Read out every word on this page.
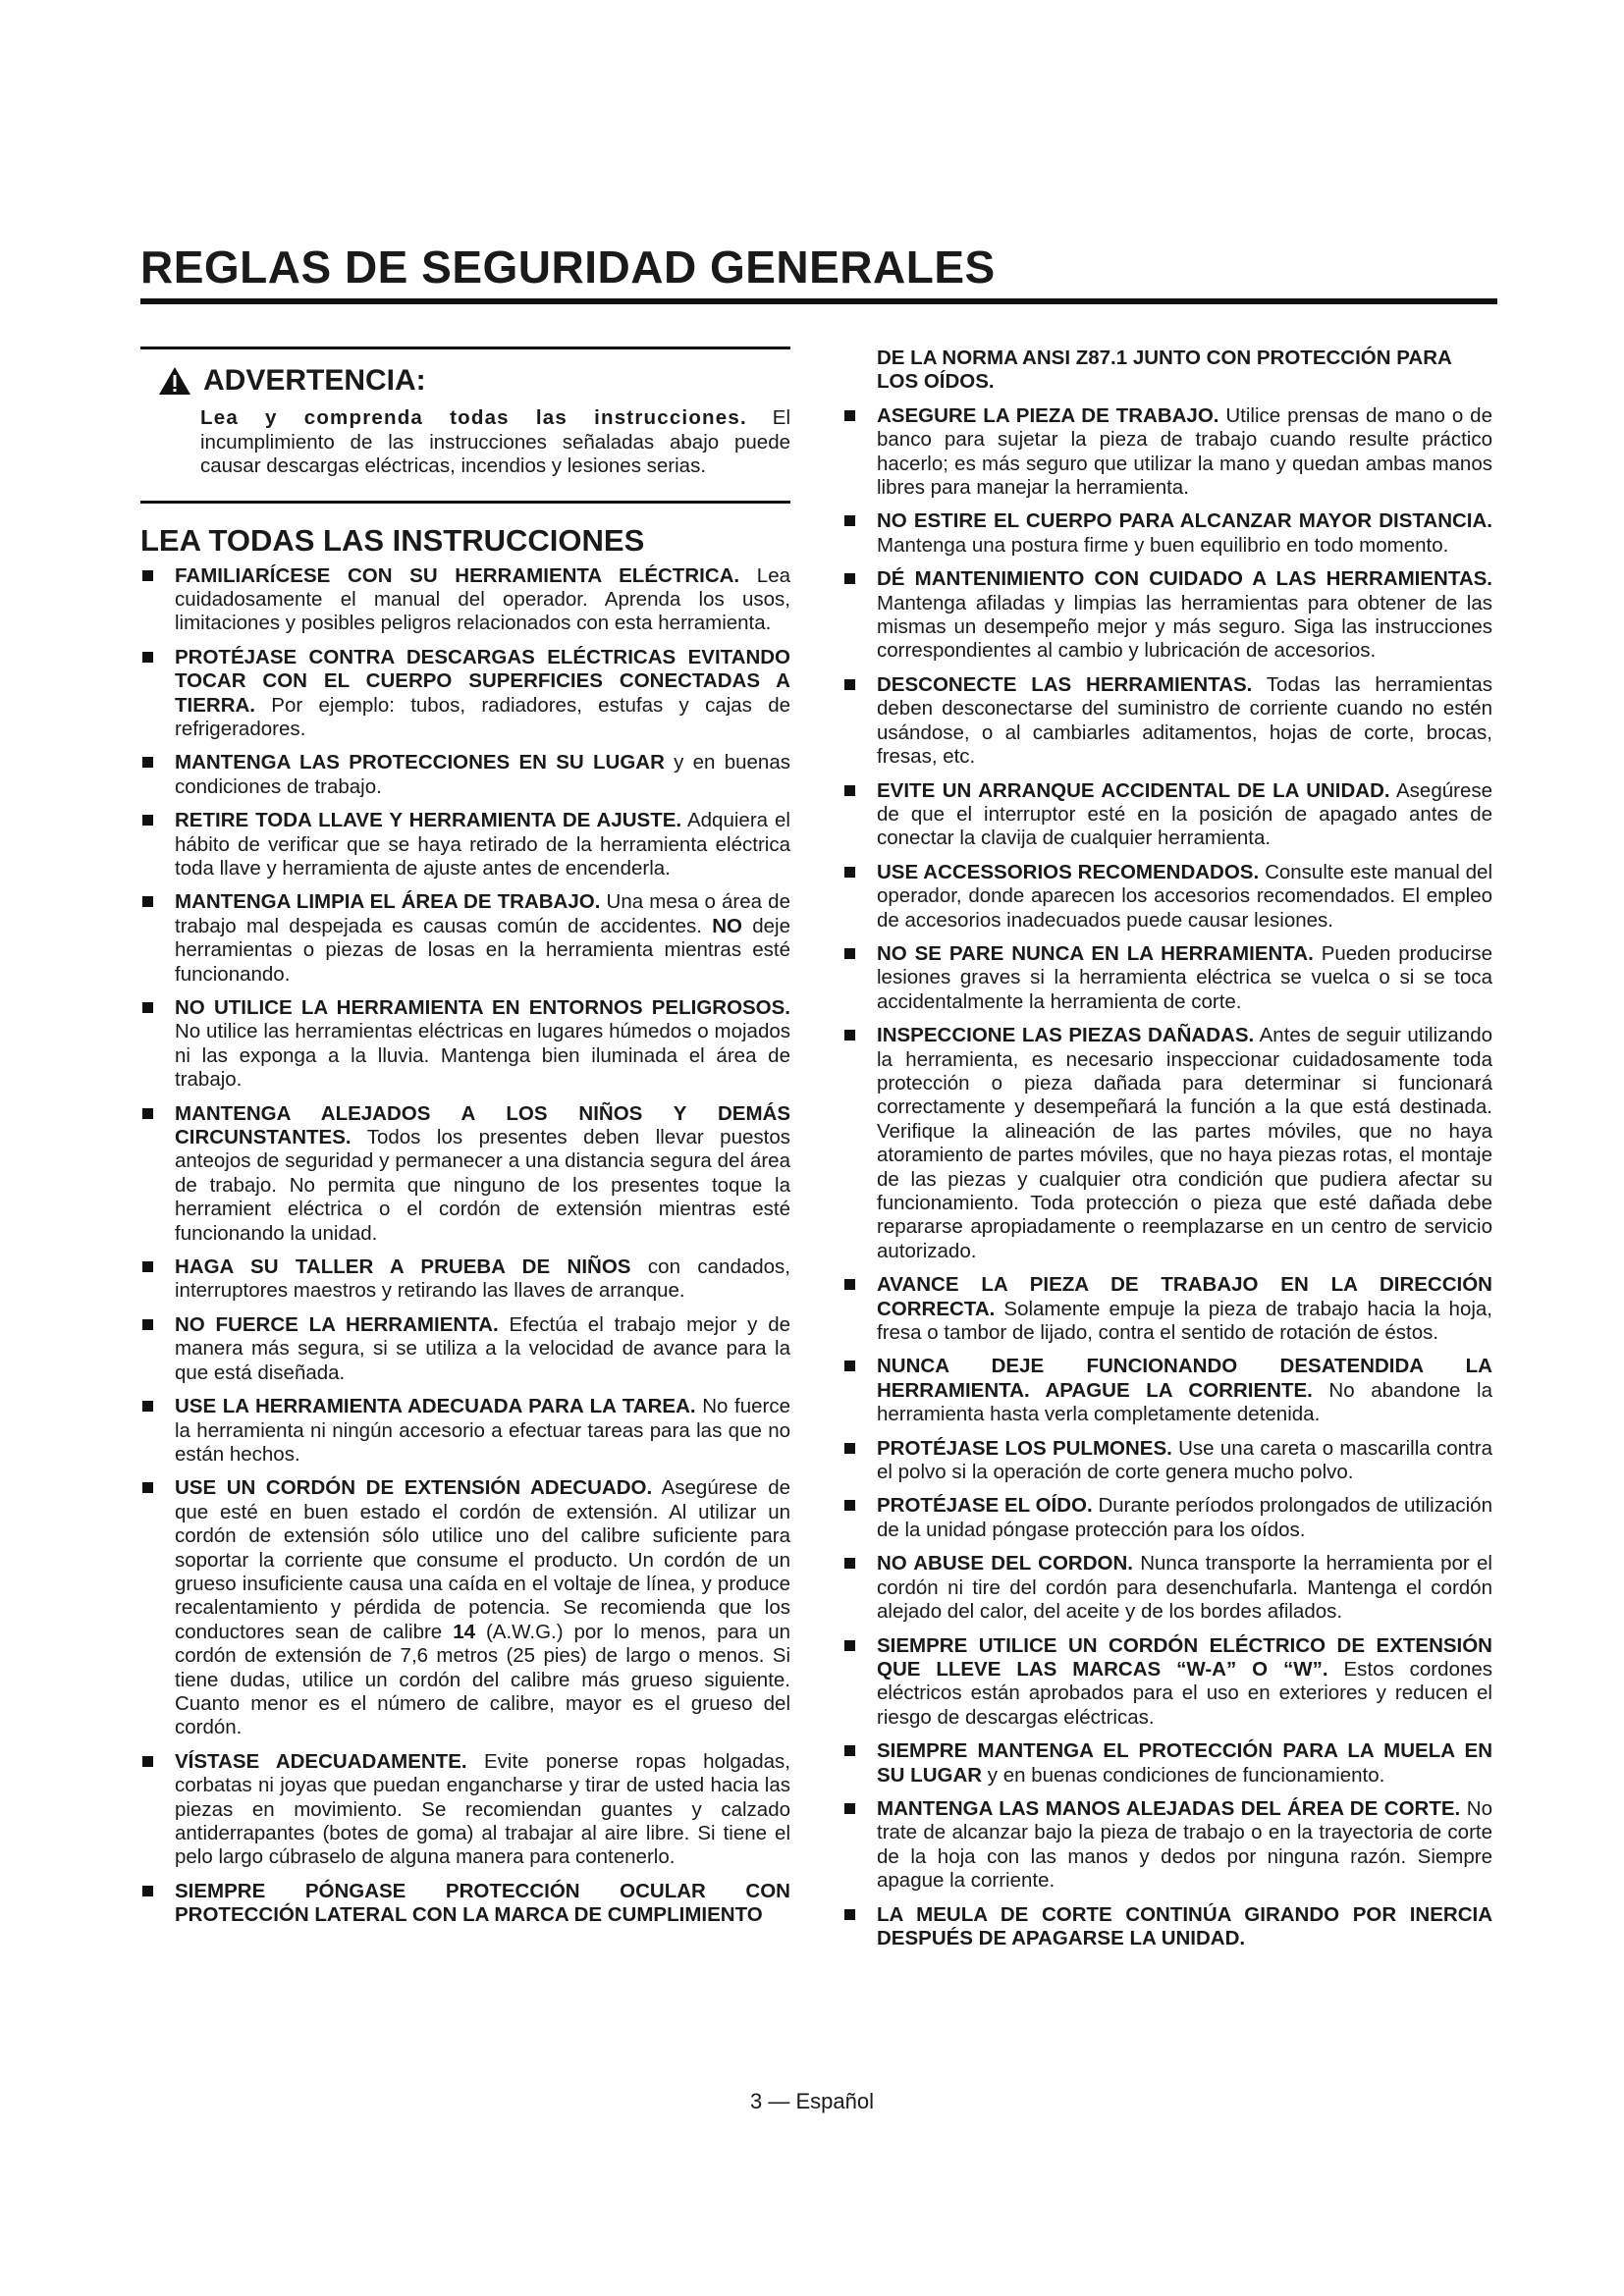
REGLAS DE SEGURIDAD GENERALES
ADVERTENCIA:
Lea y comprenda todas las instrucciones. El incumplimiento de las instrucciones señaladas abajo puede causar descargas eléctricas, incendios y lesiones serias.
LEA TODAS LAS INSTRUCCIONES
FAMILIARÍCESE CON SU HERRAMIENTA ELÉCTRICA. Lea cuidadosamente el manual del operador. Aprenda los usos, limitaciones y posibles peligros relacionados con esta herramienta.
PROTÉJASE CONTRA DESCARGAS ELÉCTRICAS EVITANDO TOCAR CON EL CUERPO SUPERFICIES CONECTADAS A TIERRA. Por ejemplo: tubos, radiadores, estufas y cajas de refrigeradores.
MANTENGA LAS PROTECCIONES EN SU LUGAR y en buenas condiciones de trabajo.
RETIRE TODA LLAVE Y HERRAMIENTA DE AJUSTE. Adquiera el hábito de verificar que se haya retirado de la herramienta eléctrica toda llave y herramienta de ajuste antes de encenderla.
MANTENGA LIMPIA EL ÁREA DE TRABAJO. Una mesa o área de trabajo mal despejada es causas común de accidentes. NO deje herramientas o piezas de losas en la herramienta mientras esté funcionando.
NO UTILICE LA HERRAMIENTA EN ENTORNOS PELIGROSOS. No utilice las herramientas eléctricas en lugares húmedos o mojados ni las exponga a la lluvia. Mantenga bien iluminada el área de trabajo.
MANTENGA ALEJADOS A LOS NIÑOS Y DEMÁS CIRCUNSTANTES. Todos los presentes deben llevar puestos anteojos de seguridad y permanecer a una distancia segura del área de trabajo. No permita que ninguno de los presentes toque la herramient eléctrica o el cordón de extensión mientras esté funcionando la unidad.
HAGA SU TALLER A PRUEBA DE NIÑOS con candados, interruptores maestros y retirando las llaves de arranque.
NO FUERCE LA HERRAMIENTA. Efectúa el trabajo mejor y de manera más segura, si se utiliza a la velocidad de avance para la que está diseñada.
USE LA HERRAMIENTA ADECUADA PARA LA TAREA. No fuerce la herramienta ni ningún accesorio a efectuar tareas para las que no están hechos.
USE UN CORDÓN DE EXTENSIÓN ADECUADO. Asegúrese de que esté en buen estado el cordón de extensión. Al utilizar un cordón de extensión sólo utilice uno del calibre suficiente para soportar la corriente que consume el producto. Un cordón de un grueso insuficiente causa una caída en el voltaje de línea, y produce recalentamiento y pérdida de potencia. Se recomienda que los conductores sean de calibre 14 (A.W.G.) por lo menos, para un cordón de extensión de 7,6 metros (25 pies) de largo o menos. Si tiene dudas, utilice un cordón del calibre más grueso siguiente. Cuanto menor es el número de calibre, mayor es el grueso del cordón.
VÍSTASE ADECUADAMENTE. Evite ponerse ropas holgadas, corbatas ni joyas que puedan engancharse y tirar de usted hacia las piezas en movimiento. Se recomiendan guantes y calzado antiderrapantes (botes de goma) al trabajar al aire libre. Si tiene el pelo largo cúbraselo de alguna manera para contenerlo.
SIEMPRE PÓNGASE PROTECCIÓN OCULAR CON PROTECCIÓN LATERAL CON LA MARCA DE CUMPLIMIENTO
DE LA NORMA ANSI Z87.1 JUNTO CON PROTECCIÓN PARA LOS OÍDOS.
ASEGURE LA PIEZA DE TRABAJO. Utilice prensas de mano o de banco para sujetar la pieza de trabajo cuando resulte práctico hacerlo; es más seguro que utilizar la mano y quedan ambas manos libres para manejar la herramienta.
NO ESTIRE EL CUERPO PARA ALCANZAR MAYOR DISTANCIA. Mantenga una postura firme y buen equilibrio en todo momento.
DÉ MANTENIMIENTO CON CUIDADO A LAS HERRAMIENTAS. Mantenga afiladas y limpias las herramientas para obtener de las mismas un desempeño mejor y más seguro. Siga las instrucciones correspondientes al cambio y lubricación de accesorios.
DESCONECTE LAS HERRAMIENTAS. Todas las herramientas deben desconectarse del suministro de corriente cuando no estén usándose, o al cambiarles aditamentos, hojas de corte, brocas, fresas, etc.
EVITE UN ARRANQUE ACCIDENTAL DE LA UNIDAD. Asegúrese de que el interruptor esté en la posición de apagado antes de conectar la clavija de cualquier herramienta.
USE ACCESSORIOS RECOMENDADOS. Consulte este manual del operador, donde aparecen los accesorios recomendados. El empleo de accesorios inadecuados puede causar lesiones.
NO SE PARE NUNCA EN LA HERRAMIENTA. Pueden producirse lesiones graves si la herramienta eléctrica se vuelca o si se toca accidentalmente la herramienta de corte.
INSPECCIONE LAS PIEZAS DAÑADAS. Antes de seguir utilizando la herramienta, es necesario inspeccionar cuidadosamente toda protección o pieza dañada para determinar si funcionará correctamente y desempeñará la función a la que está destinada. Verifique la alineación de las partes móviles, que no haya atoramiento de partes móviles, que no haya piezas rotas, el montaje de las piezas y cualquier otra condición que pudiera afectar su funcionamiento. Toda protección o pieza que esté dañada debe repararse apropiadamente o reemplazarse en un centro de servicio autorizado.
AVANCE LA PIEZA DE TRABAJO EN LA DIRECCIÓN CORRECTA. Solamente empuje la pieza de trabajo hacia la hoja, fresa o tambor de lijado, contra el sentido de rotación de éstos.
NUNCA DEJE FUNCIONANDO DESATENDIDA LA HERRAMIENTA. APAGUE LA CORRIENTE. No abandone la herramienta hasta verla completamente detenida.
PROTÉJASE LOS PULMONES. Use una careta o mascarilla contra el polvo si la operación de corte genera mucho polvo.
PROTÉJASE EL OÍDO. Durante períodos prolongados de utilización de la unidad póngase protección para los oídos.
NO ABUSE DEL CORDON. Nunca transporte la herramienta por el cordón ni tire del cordón para desenchufarla. Mantenga el cordón alejado del calor, del aceite y de los bordes afilados.
SIEMPRE UTILICE UN CORDÓN ELÉCTRICO DE EXTENSIÓN QUE LLEVE LAS MARCAS “W-A” O “W”. Estos cordones eléctricos están aprobados para el uso en exteriores y reducen el riesgo de descargas eléctricas.
SIEMPRE MANTENGA EL PROTECCIÓN PARA LA MUELA EN SU LUGAR y en buenas condiciones de funcionamiento.
MANTENGA LAS MANOS ALEJADAS DEL ÁREA DE CORTE. No trate de alcanzar bajo la pieza de trabajo o en la trayectoria de corte de la hoja con las manos y dedos por ninguna razón. Siempre apague la corriente.
LA MEULA DE CORTE CONTINÚA GIRANDO POR INERCIA DESPUÉS DE APAGARSE LA UNIDAD.
3 — Español
